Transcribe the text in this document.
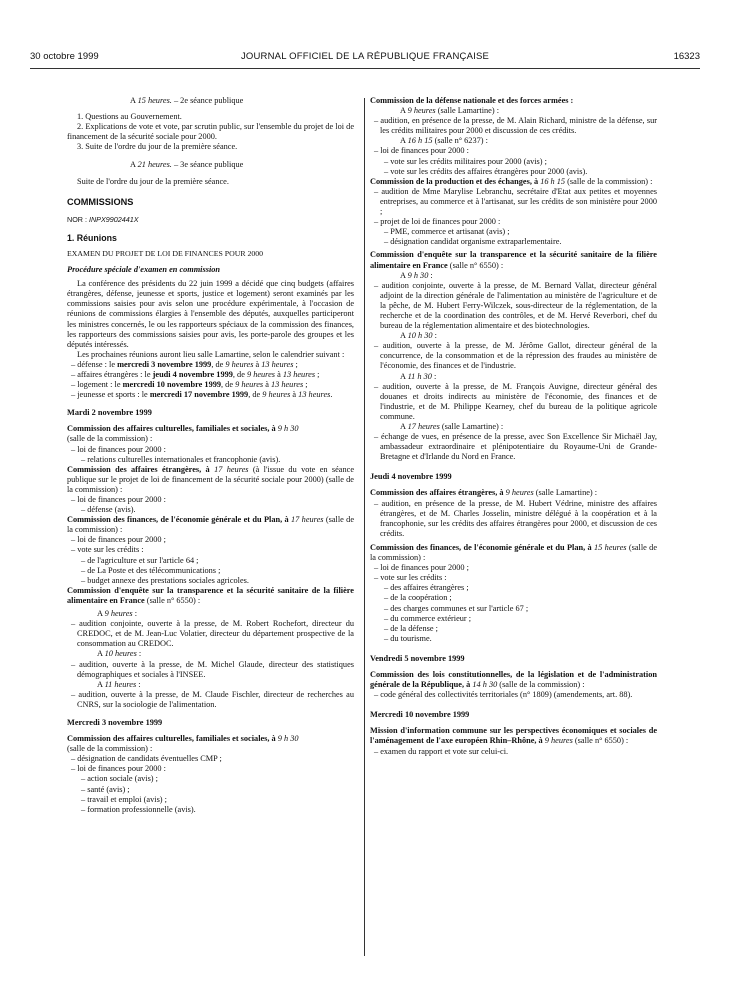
30 octobre 1999	JOURNAL OFFICIEL DE LA RÉPUBLIQUE FRANÇAISE	16323

A 15 heures. – 2e séance publique

1. Questions au Gouvernement.

2. Explications de vote et vote, par scrutin public, sur l'ensemble du projet de loi de financement de la sécurité sociale pour 2000.

3. Suite de l'ordre du jour de la première séance.

A 21 heures. – 3e séance publique

Suite de l'ordre du jour de la première séance.

COMMISSIONS

NOR : INPX9902441X

1. Réunions

EXAMEN DU PROJET DE LOI DE FINANCES POUR 2000

Procédure spéciale d'examen en commission

La conférence des présidents du 22 juin 1999 a décidé que cinq budgets (affaires étrangères, défense, jeunesse et sports, justice et logement) seront examinés par les commissions saisies pour avis selon une procédure expérimentale, à l'occasion de réunions de commissions élargies à l'ensemble des députés, auxquelles participeront les ministres concernés, le ou les rapporteurs spéciaux de la commission des finances, les rapporteurs des commissions saisies pour avis, les porte-parole des groupes et les députés intéressés.

Les prochaines réunions auront lieu salle Lamartine, selon le calendrier suivant :

– défense : le mercredi 3 novembre 1999, de 9 heures à 13 heures ;

– affaires étrangères : le jeudi 4 novembre 1999, de 9 heures à 13 heures ;

– logement : le mercredi 10 novembre 1999, de 9 heures à 13 heures ;

– jeunesse et sports : le mercredi 17 novembre 1999, de 9 heures à 13 heures.

Mardi 2 novembre 1999

Commission des affaires culturelles, familiales et sociales, à 9 h 30
(salle de la commission) :

– loi de finances pour 2000 :

– relations culturelles internationales et francophonie (avis).

Commission des affaires étrangères, à 17 heures (à l'issue du vote en séance publique sur le projet de loi de financement de la sécurité sociale pour 2000) (salle de la commission) :

– loi de finances pour 2000 :

– défense (avis).

Commission des finances, de l'économie générale et du Plan, à 17 heures (salle de la commission) :

– loi de finances pour 2000 ;

– vote sur les crédits :

– de l'agriculture et sur l'article 64 ;

– de La Poste et des télécommunications ;

– budget annexe des prestations sociales agricoles.

Commission d'enquête sur la transparence et la sécurité sanitaire de la filière alimentaire en France (salle n° 6550) :

A 9 heures :

– audition conjointe, ouverte à la presse, de M. Robert Rochefort, directeur du CREDOC, et de M. Jean-Luc Volatier, directeur du département prospective de la consommation au CREDOC.

A 10 heures :

– audition, ouverte à la presse, de M. Michel Glaude, directeur des statistiques démographiques et sociales à l'INSEE.

A 11 heures :

– audition, ouverte à la presse, de M. Claude Fischler, directeur de recherches au CNRS, sur la sociologie de l'alimentation.

Mercredi 3 novembre 1999

Commission des affaires culturelles, familiales et sociales, à 9 h 30
(salle de la commission) :

– désignation de candidats éventuelles CMP ;

– loi de finances pour 2000 :

– action sociale (avis) ;

– santé (avis) ;

– travail et emploi (avis) ;

– formation professionnelle (avis).

Commission de la défense nationale et des forces armées :

A 9 heures (salle Lamartine) :

– audition, en présence de la presse, de M. Alain Richard, ministre de la défense, sur les crédits militaires pour 2000 et discussion de ces crédits.

A 16 h 15 (salle n° 6237) :

– loi de finances pour 2000 :

– vote sur les crédits militaires pour 2000 (avis) ;

– vote sur les crédits des affaires étrangères pour 2000 (avis).

Commission de la production et des échanges, à 16 h 15 (salle de la commission) :

– audition de Mme Marylise Lebranchu, secrétaire d'Etat aux petites et moyennes entreprises, au commerce et à l'artisanat, sur les crédits de son ministère pour 2000 ;

– projet de loi de finances pour 2000 :

– PME, commerce et artisanat (avis) ;

– désignation candidat organisme extraparlementaire.

Commission d'enquête sur la transparence et la sécurité sanitaire de la filière alimentaire en France (salle n° 6550) :

A 9 h 30 :

– audition conjointe, ouverte à la presse, de M. Bernard Vallat, directeur général adjoint de la direction générale de l'alimentation au ministère de l'agriculture et de la pêche, de M. Hubert Ferry-Wilczek, sous-directeur de la réglementation, de la recherche et de la coordination des contrôles, et de M. Hervé Reverbori, chef du bureau de la réglementation alimentaire et des biotechnologies.

A 10 h 30 :

– audition, ouverte à la presse, de M. Jérôme Gallot, directeur général de la concurrence, de la consommation et de la répression des fraudes au ministère de l'économie, des finances et de l'industrie.

A 11 h 30 :

– audition, ouverte à la presse, de M. François Auvigne, directeur général des douanes et droits indirects au ministère de l'économie, des finances et de l'industrie, et de M. Philippe Kearney, chef du bureau de la politique agricole commune.

A 17 heures (salle Lamartine) :

– échange de vues, en présence de la presse, avec Son Excellence Sir Michaël Jay, ambassadeur extraordinaire et plénipotentiaire du Royaume-Uni de Grande-Bretagne et d'Irlande du Nord en France.

Jeudi 4 novembre 1999

Commission des affaires étrangères, à 9 heures (salle Lamartine) :

– audition, en présence de la presse, de M. Hubert Védrine, ministre des affaires étrangères, et de M. Charles Josselin, ministre délégué à la coopération et à la francophonie, sur les crédits des affaires étrangères pour 2000, et discussion de ces crédits.

Commission des finances, de l'économie générale et du Plan, à 15 heures (salle de la commission) :

– loi de finances pour 2000 ;

– vote sur les crédits :

– des affaires étrangères ;

– de la coopération ;

– des charges communes et sur l'article 67 ;

– du commerce extérieur ;

– de la défense ;

– du tourisme.

Vendredi 5 novembre 1999

Commission des lois constitutionnelles, de la législation et de l'administration générale de la République, à 14 h 30 (salle de la commission) :

– code général des collectivités territoriales (n° 1809) (amendements, art. 88).

Mercredi 10 novembre 1999

Mission d'information commune sur les perspectives économiques et sociales de l'aménagement de l'axe européen Rhin–Rhône, à 9 heures (salle n° 6550) :

– examen du rapport et vote sur celui-ci.
